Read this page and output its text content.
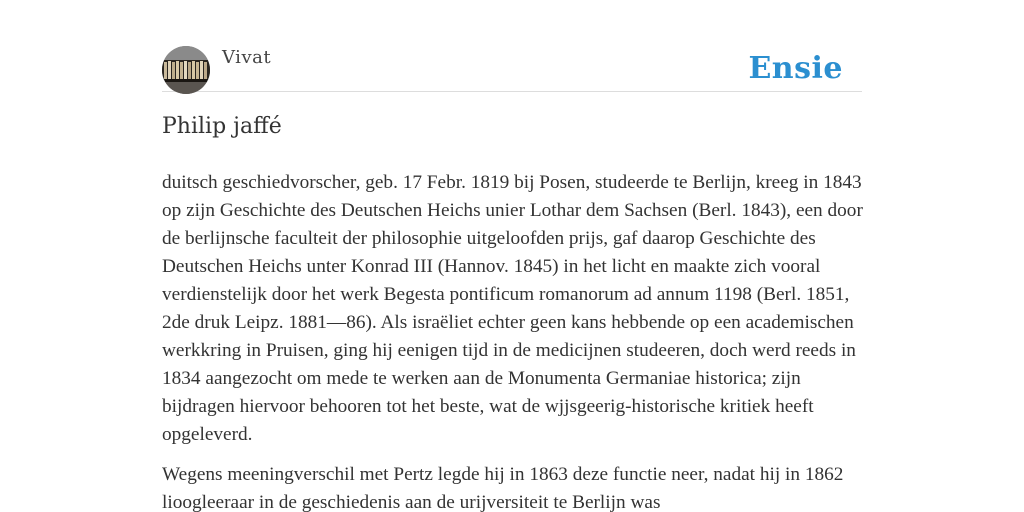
Vivat	Ensie
Philip jaffé

duitsch geschiedvorscher, geb. 17 Febr. 1819 bij Posen, studeerde te Berlijn, kreeg in 1843 op zijn Geschichte des Deutschen Heichs unier Lothar dem Sachsen (Berl. 1843), een door de berlijnsche faculteit der philosophie uitgeloofden prijs, gaf daarop Geschichte des Deutschen Heichs unter Konrad III (Hannov. 1845) in het licht en maakte zich vooral verdienstelijk door het werk Begesta pontificum romanorum ad annum 1198 (Berl. 1851, 2de druk Leipz. 1881—86). Als israëliet echter geen kans hebbende op een academischen werkkring in Pruisen, ging hij eenigen tijd in de medicijnen studeeren, doch werd reeds in 1834 aangezocht om mede te werken aan de Monumenta Germaniae historica; zijn bijdragen hiervoor behooren tot het beste, wat de wjjsgeerig-historische kritiek heeft opgeleverd.

Wegens meeningverschil met Pertz legde hij in 1863 deze functie neer, nadat hij in 1862 lioogleeraar in de geschiedenis aan de urijversiteit te Berlijn was
